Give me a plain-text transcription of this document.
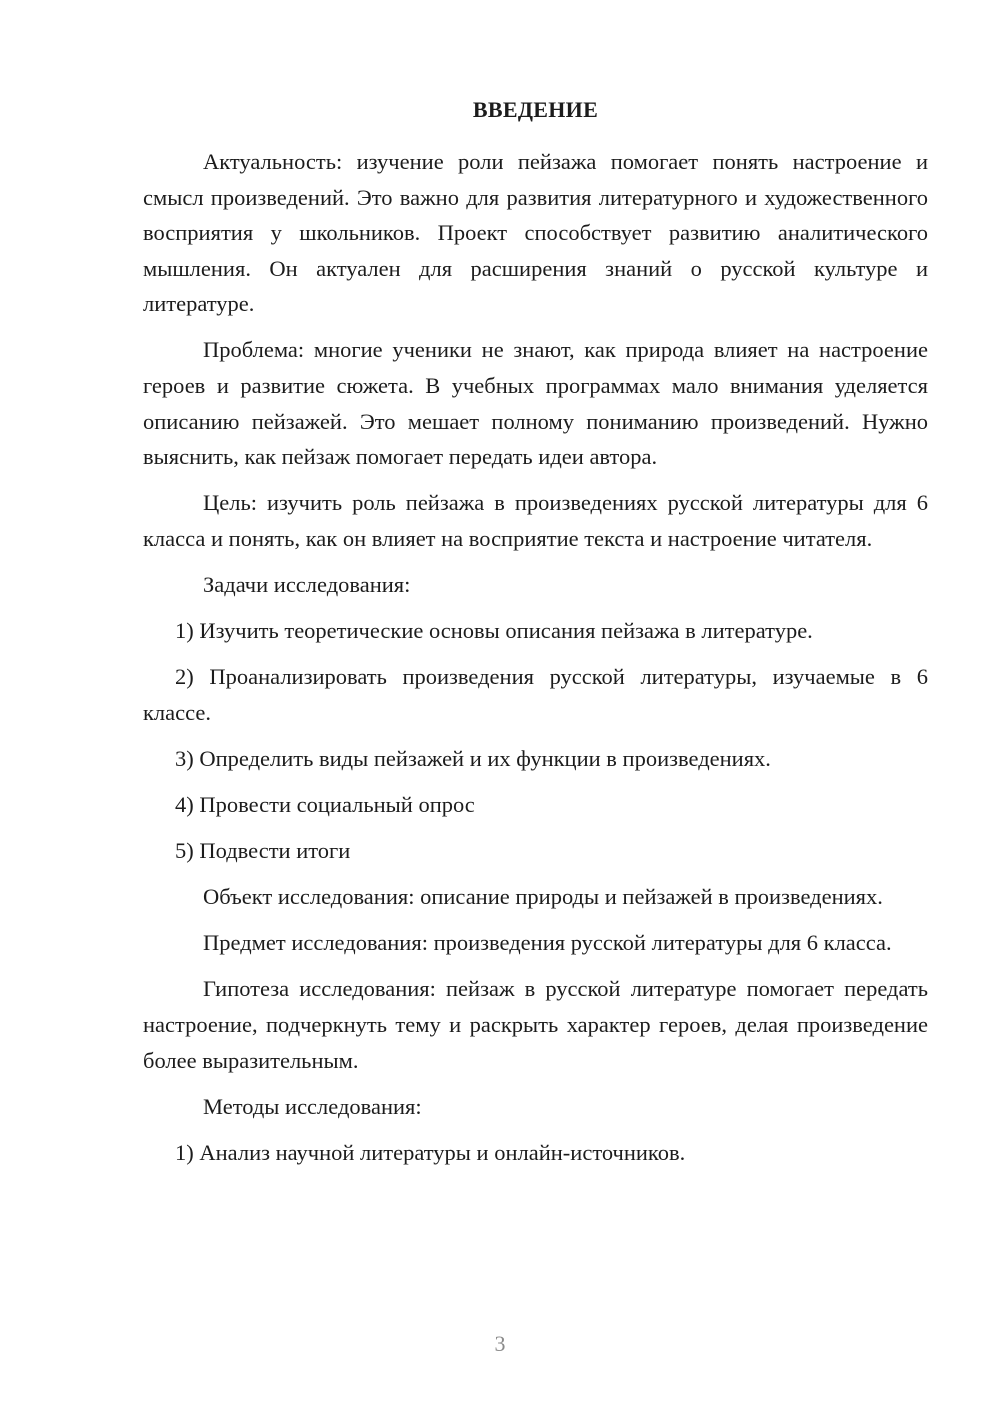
ВВЕДЕНИЕ

Актуальность: изучение роли пейзажа помогает понять настроение и смысл произведений. Это важно для развития литературного и художественного восприятия у школьников. Проект способствует развитию аналитического мышления. Он актуален для расширения знаний о русской культуре и литературе.

Проблема: многие ученики не знают, как природа влияет на настроение героев и развитие сюжета. В учебных программах мало внимания уделяется описанию пейзажей. Это мешает полному пониманию произведений. Нужно выяснить, как пейзаж помогает передать идеи автора.

Цель: изучить роль пейзажа в произведениях русской литературы для 6 класса и понять, как он влияет на восприятие текста и настроение читателя.

Задачи исследования:

1) Изучить теоретические основы описания пейзажа в литературе.

2) Проанализировать произведения русской литературы, изучаемые в 6 классе.

3) Определить виды пейзажей и их функции в произведениях.

4) Провести социальный опрос

5) Подвести итоги

Объект исследования: описание природы и пейзажей в произведениях.

Предмет исследования: произведения русской литературы для 6 класса.

Гипотеза исследования: пейзаж в русской литературе помогает передать настроение, подчеркнуть тему и раскрыть характер героев, делая произведение более выразительным.

Методы исследования:

1) Анализ научной литературы и онлайн-источников.

3
